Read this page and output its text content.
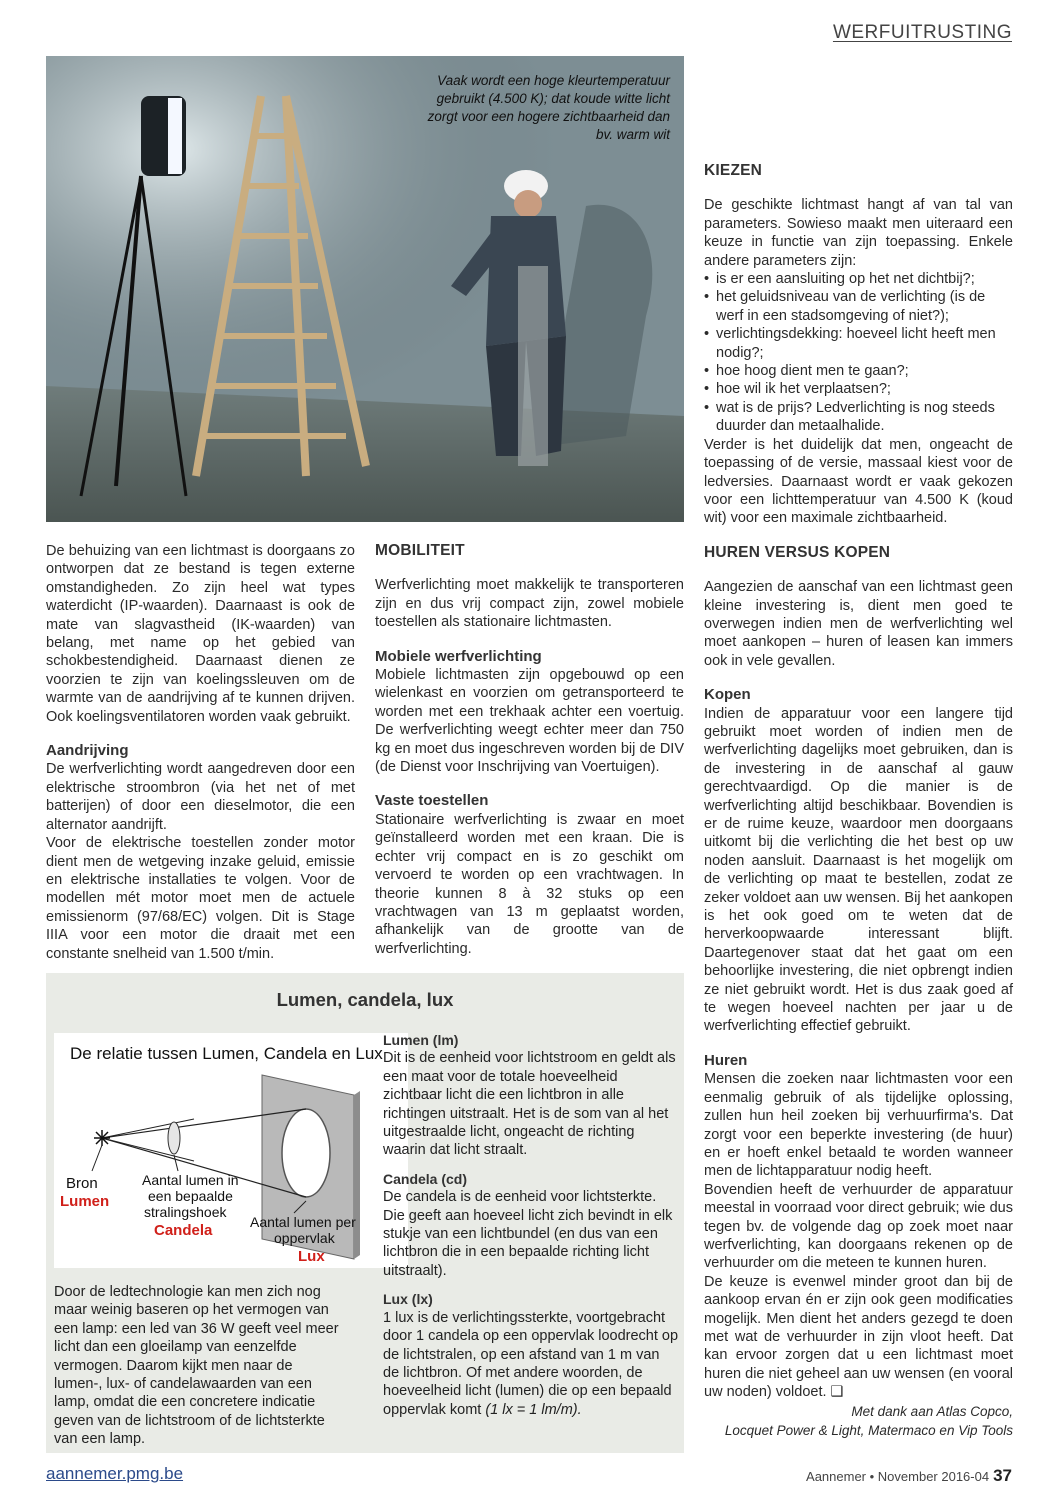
WERFUITRUSTING
Vaak wordt een hoge kleurtemperatuur gebruikt (4.500 K); dat koude witte licht zorgt voor een hogere zichtbaarheid dan bv. warm wit

De behuizing van een lichtmast is doorgaans zo ontworpen dat ze bestand is tegen externe omstandigheden. Zo zijn heel wat types waterdicht (IP-waarden). Daarnaast is ook de mate van slagvastheid (IK-waarden) van belang, met name op het gebied van schokbestendigheid. Daarnaast dienen ze voorzien te zijn van koelingssleuven om de warmte van de aandrijving af te kunnen drijven. Ook koelingsventilatoren worden vaak gebruikt.

Aandrijving

De werfverlichting wordt aangedreven door een elektrische stroombron (via het net of met batterijen) of door een dieselmotor, die een alternator aandrijft.

Voor de elektrische toestellen zonder motor dient men de wetgeving inzake geluid, emissie en elektrische installaties te volgen. Voor de modellen mét motor moet men de actuele emissienorm (97/68/EC) volgen. Dit is Stage IIIA voor een motor die draait met een constante snelheid van 1.500 t/min.

MOBILITEIT

Werfverlichting moet makkelijk te transporteren zijn en dus vrij compact zijn, zowel mobiele toestellen als stationaire lichtmasten.

Mobiele werfverlichting

Mobiele lichtmasten zijn opgebouwd op een wielenkast en voorzien om getransporteerd te worden met een trekhaak achter een voertuig. De werfverlichting weegt echter meer dan 750 kg en moet dus ingeschreven worden bij de DIV (de Dienst voor Inschrijving van Voertuigen).

Vaste toestellen

Stationaire werfverlichting is zwaar en moet geïnstalleerd worden met een kraan. Die is echter vrij compact en is zo geschikt om vervoerd te worden op een vrachtwagen. In theorie kunnen 8 à 32 stuks op een vrachtwagen van 13 m geplaatst worden, afhankelijk van de grootte van de werfverlichting.

KIEZEN

De geschikte lichtmast hangt af van tal van parameters. Sowieso maakt men uiteraard een keuze in functie van zijn toepassing. Enkele andere parameters zijn:

• is er een aansluiting op het net dichtbij?;
• het geluidsniveau van de verlichting (is de werf in een stadsomgeving of niet?);
• verlichtingsdekking: hoeveel licht heeft men nodig?;
• hoe hoog dient men te gaan?;
• hoe wil ik het verplaatsen?;
• wat is de prijs? Ledverlichting is nog steeds duurder dan metaalhalide.

Verder is het duidelijk dat men, ongeacht de toepassing of de versie, massaal kiest voor de ledversies. Daarnaast wordt er vaak gekozen voor een lichttemperatuur van 4.500 K (koud wit) voor een maximale zichtbaarheid.

HUREN VERSUS KOPEN

Aangezien de aanschaf van een lichtmast geen kleine investering is, dient men goed te overwegen indien men de werfverlichting wel moet aankopen – huren of leasen kan immers ook in vele gevallen.

Kopen

Indien de apparatuur voor een langere tijd gebruikt moet worden of indien men de werfverlichting dagelijks moet gebruiken, dan is de investering in de aanschaf al gauw gerechtvaardigd. Op die manier is de werfverlichting altijd beschikbaar. Bovendien is er de ruime keuze, waardoor men doorgaans uitkomt bij die verlichting die het best op uw noden aansluit. Daarnaast is het mogelijk om de verlichting op maat te bestellen, zodat ze zeker voldoet aan uw wensen. Bij het aankopen is het ook goed om te weten dat de herverkoopwaarde interessant blijft. Daartegenover staat dat het gaat om een behoorlijke investering, die niet opbrengt indien ze niet gebruikt wordt. Het is dus zaak goed af te wegen hoeveel nachten per jaar u de werfverlichting effectief gebruikt.

Huren

Mensen die zoeken naar lichtmasten voor een eenmalig gebruik of als tijdelijke oplossing, zullen hun heil zoeken bij verhuurfirma's. Dat zorgt voor een beperkte investering (de huur) en er hoeft enkel betaald te worden wanneer men de lichtapparatuur nodig heeft.

Bovendien heeft de verhuurder de apparatuur meestal in voorraad voor direct gebruik; wie dus tegen bv. de volgende dag op zoek moet naar werfverlichting, kan doorgaans rekenen op de verhuurder om die meteen te kunnen huren.

De keuze is evenwel minder groot dan bij de aankoop ervan én er zijn ook geen modificaties mogelijk. Men dient het anders gezegd te doen met wat de verhuurder in zijn vloot heeft. Dat kan ervoor zorgen dat u een lichtmast moet huren die niet geheel aan uw wensen (en vooral uw noden) voldoet. ❑

Met dank aan Atlas Copco,
Locquet Power & Light, Matermaco en Vip Tools
Lumen, candela, lux
De relatie tussen Lumen, Candela en Lux
Bron
Lumen
Aantal lumen in
een bepaalde
stralingshoek
Candela	Aantal lumen per
oppervlak
Lux
Door de ledtechnologie kan men zich nog maar weinig baseren op het vermogen van een lamp: een led van 36 W geeft veel meer licht dan een gloeilamp van eenzelfde vermogen. Daarom kijkt men naar de lumen-, lux- of candelawaarden van een lamp, omdat die een concretere indicatie geven van de lichtstroom of de lichtsterkte van een lamp.
Lumen (lm)

Dit is de eenheid voor lichtstroom en geldt als een maat voor de totale hoeveelheid zichtbaar licht die een lichtbron in alle richtingen uitstraalt. Het is de som van al het uitgestraalde licht, ongeacht de richting waarin dat licht straalt.

Candela (cd)

De candela is de eenheid voor lichtsterkte. Die geeft aan hoeveel licht zich bevindt in elk stukje van een lichtbundel (en dus van een lichtbron die in een bepaalde richting licht uitstraalt).

Lux (lx)

1 lux is de verlichtingssterkte, voortgebracht door 1 candela op een oppervlak loodrecht op de lichtstralen, op een afstand van 1 m van de lichtbron. Of met andere woorden, de hoeveelheid licht (lumen) die op een bepaald oppervlak komt (1 lx = 1 lm/m).

aannemer.pmg.be	Aannemer • November 2016-04 37
